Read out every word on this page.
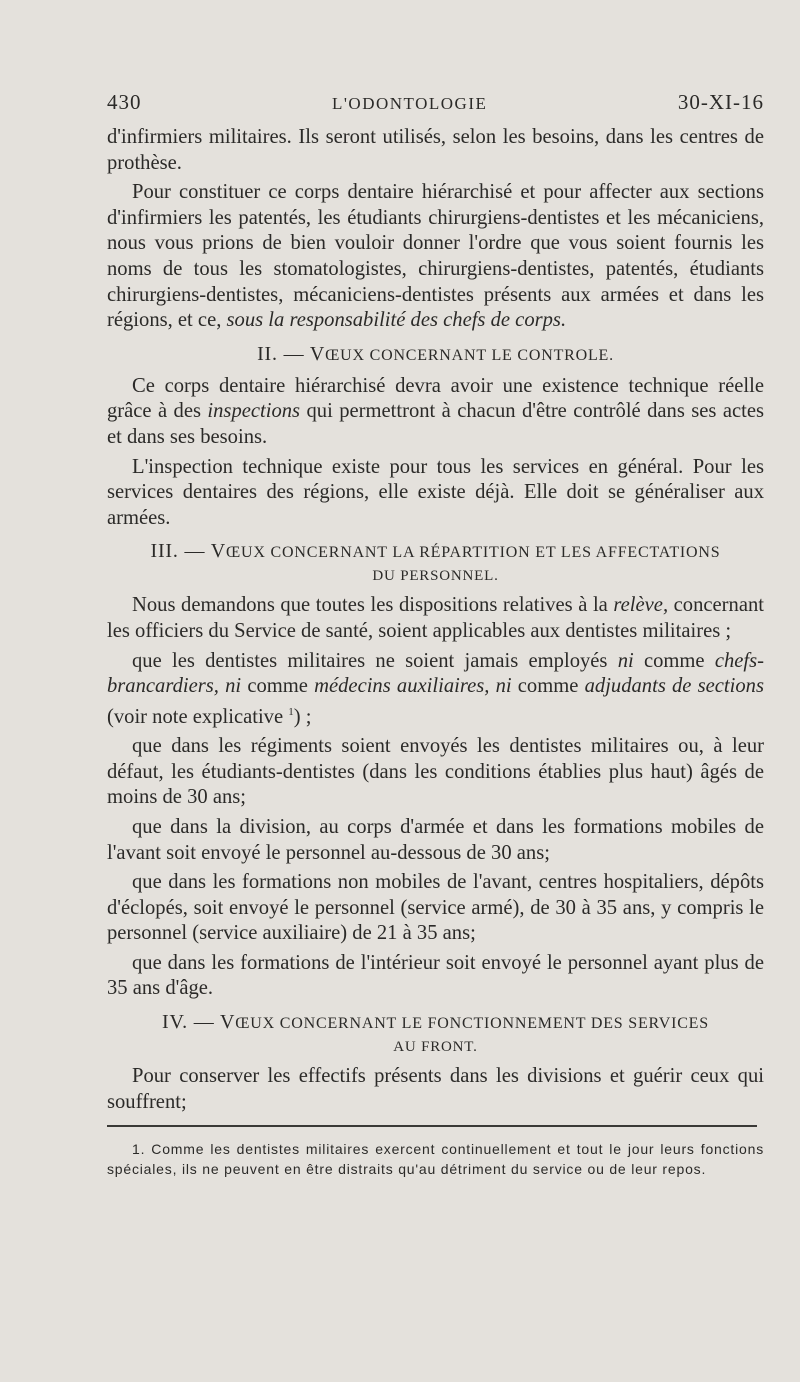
430	L'ODONTOLOGIE	30-XI-16

d'infirmiers militaires. Ils seront utilisés, selon les besoins, dans les centres de prothèse.

Pour constituer ce corps dentaire hiérarchisé et pour affecter aux sections d'infirmiers les patentés, les étudiants chirurgiens-dentistes et les mécaniciens, nous vous prions de bien vouloir donner l'ordre que vous soient fournis les noms de tous les stomatologistes, chirurgiens-dentistes, patentés, étudiants chirurgiens-dentistes, mécaniciens-dentistes présents aux armées et dans les régions, et ce, sous la responsabilité des chefs de corps.

II. — VŒUX CONCERNANT LE CONTROLE.

Ce corps dentaire hiérarchisé devra avoir une existence technique réelle grâce à des inspections qui permettront à chacun d'être contrôlé dans ses actes et dans ses besoins.

L'inspection technique existe pour tous les services en général. Pour les services dentaires des régions, elle existe déjà. Elle doit se généraliser aux armées.

III. — VŒUX CONCERNANT LA RÉPARTITION ET LES AFFECTATIONS
DU PERSONNEL.

Nous demandons que toutes les dispositions relatives à la relève, concernant les officiers du Service de santé, soient applicables aux dentistes militaires ;

que les dentistes militaires ne soient jamais employés ni comme chefs-brancardiers, ni comme médecins auxiliaires, ni comme adjudants de sections (voir note explicative $^1$) ;

que dans les régiments soient envoyés les dentistes militaires ou, à leur défaut, les étudiants-dentistes (dans les conditions établies plus haut) âgés de moins de 30 ans;

que dans la division, au corps d'armée et dans les formations mobiles de l'avant soit envoyé le personnel au-dessous de 30 ans;

que dans les formations non mobiles de l'avant, centres hospitaliers, dépôts d'éclopés, soit envoyé le personnel (service armé), de 30 à 35 ans, y compris le personnel (service auxiliaire) de 21 à 35 ans;

que dans les formations de l'intérieur soit envoyé le personnel ayant plus de 35 ans d'âge.

IV. — VŒUX CONCERNANT LE FONCTIONNEMENT DES SERVICES
AU FRONT.

Pour conserver les effectifs présents dans les divisions et guérir ceux qui souffrent;

1. Comme les dentistes militaires exercent continuellement et tout le jour leurs fonctions spéciales, ils ne peuvent en être distraits qu'au détriment du service ou de leur repos.
